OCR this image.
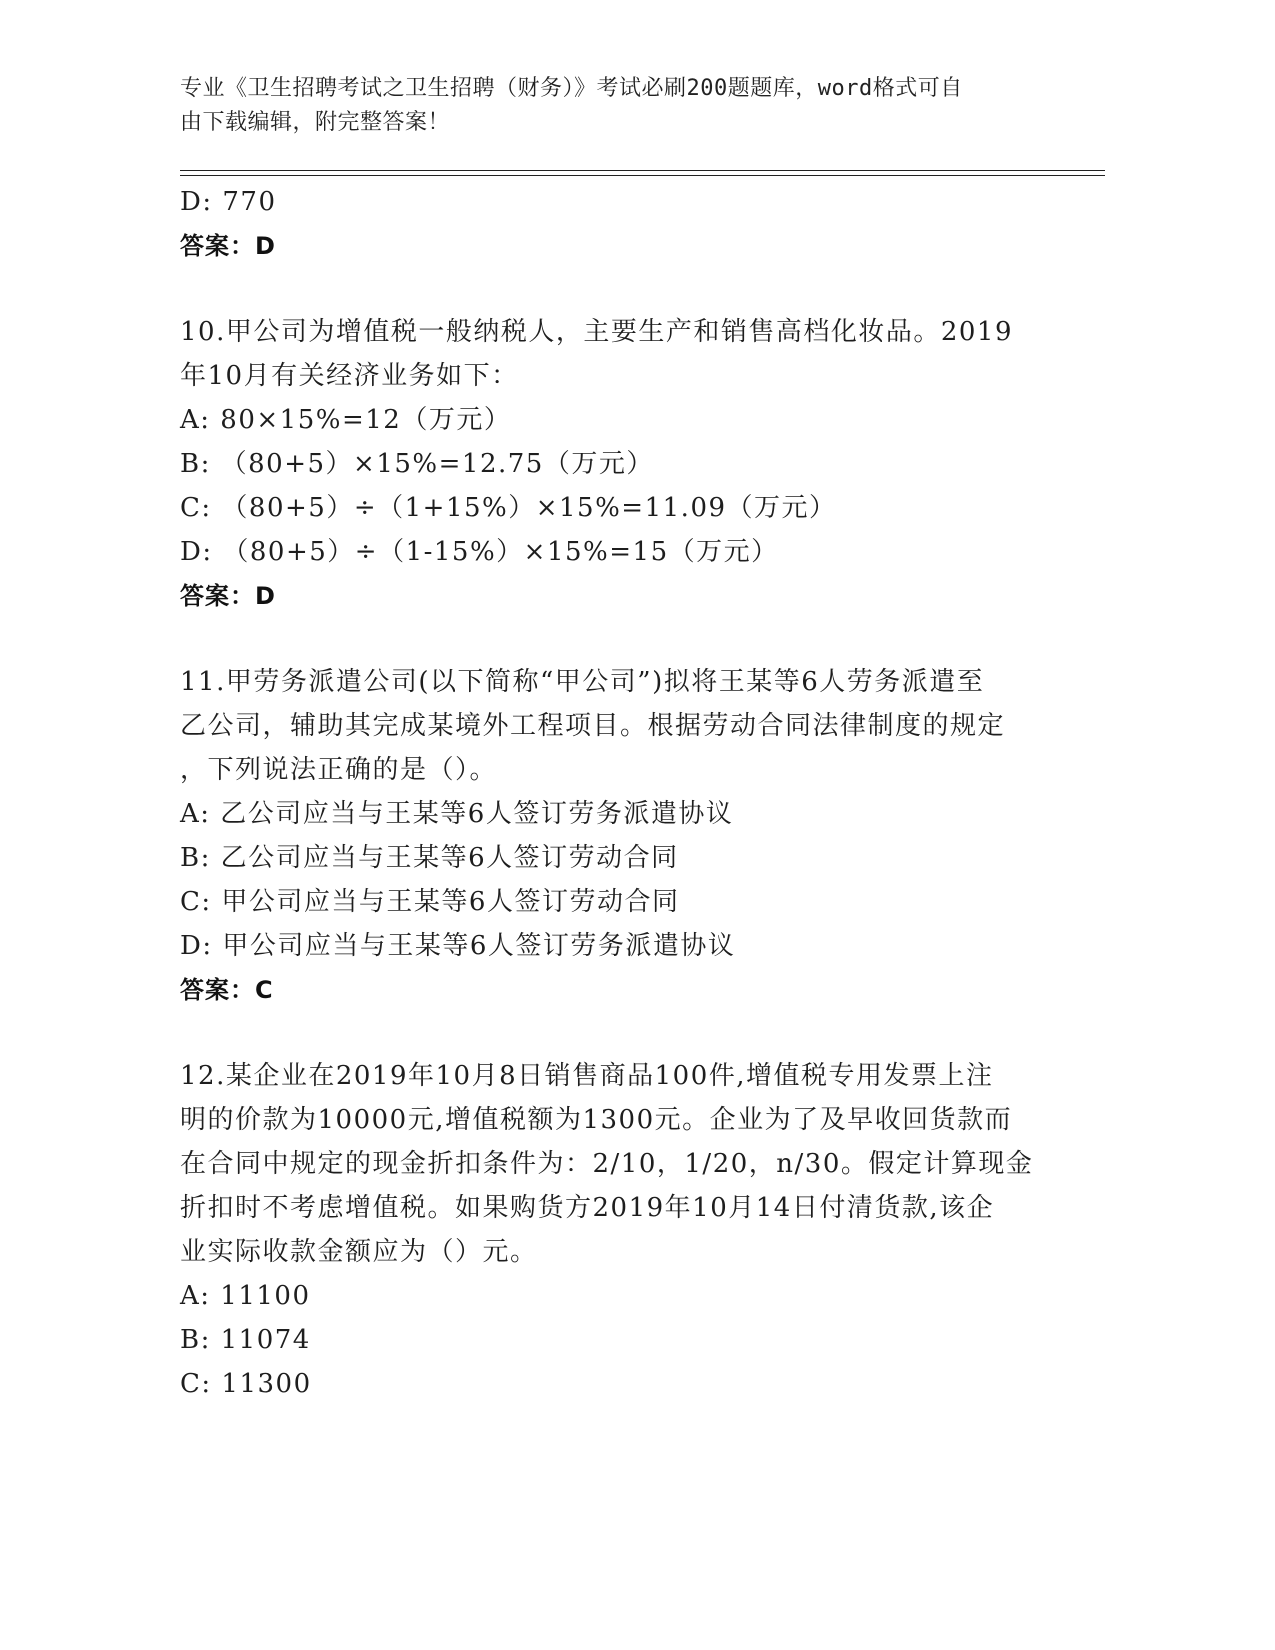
专业《卫生招聘考试之卫生招聘（财务）》考试必刷200题题库，word格式可自
由下载编辑，附完整答案！
D: 770
答案：D
10.甲公司为增值税一般纳税人，主要生产和销售高档化妆品。2019
年10月有关经济业务如下：
A: 80×15%=12（万元）
B: （80+5）×15%=12.75（万元）
C: （80+5）÷（1+15%）×15%=11.09（万元）
D: （80+5）÷（1-15%）×15%=15（万元）
答案：D
11.甲劳务派遣公司(以下简称“甲公司”)拟将王某等6人劳务派遣至
乙公司，辅助其完成某境外工程项目。根据劳动合同法律制度的规定
，下列说法正确的是（）。
A: 乙公司应当与王某等6人签订劳务派遣协议
B: 乙公司应当与王某等6人签订劳动合同
C: 甲公司应当与王某等6人签订劳动合同
D: 甲公司应当与王某等6人签订劳务派遣协议
答案：C
12.某企业在2019年10月8日销售商品100件,增值税专用发票上注
明的价款为10000元,增值税额为1300元。企业为了及早收回货款而
在合同中规定的现金折扣条件为：2/10，1/20，n/30。假定计算现金
折扣时不考虑增值税。如果购货方2019年10月14日付清货款,该企
业实际收款金额应为（）元。
A: 11100
B: 11074
C: 11300
